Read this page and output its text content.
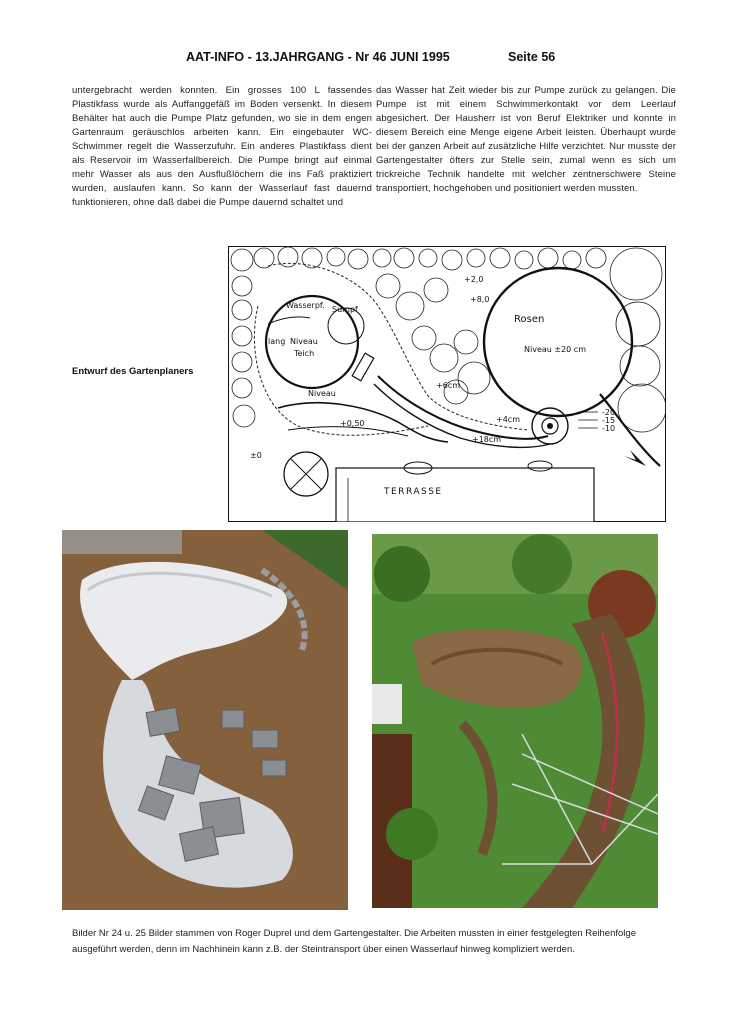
AAT-INFO - 13.JAHRGANG - Nr 46 JUNI 1995	Seite 56
untergebracht werden konnten. Ein grosses 100 L fassendes Plastikfass wurde als Auffanggefäß im Boden versenkt. In diesem Behälter hat auch die Pumpe Platz gefunden, wo sie in dem engen Gartenraum geräuschlos arbeiten kann. Ein eingebauter WC-Schwimmer regelt die Wasserzufuhr. Ein anderes Plastikfass dient als Reservoir im Wasserfallbereich. Die Pumpe bringt auf einmal mehr Wasser als aus den Ausflußlöchern die ins Faß praktiziert wurden, auslaufen kann. So kann der Wasserlauf fast dauernd funktionieren, ohne daß dabei die Pumpe dauernd schaltet und
das Wasser hat Zeit wieder bis zur Pumpe zurück zu gelangen. Die Pumpe ist mit einem Schwimmerkontakt vor dem Leerlauf abgesichert. Der Hausherr ist von Beruf Elektriker und konnte in diesem Bereich eine Menge eigene Arbeit leisten. Überhaupt wurde bei der ganzen Arbeit auf zusätzliche Hilfe verzichtet. Nur musste der Gartengestalter öfters zur Stelle sein, zumal wenn es sich um trickreiche Technik handelte mit welcher zentnerschwere Steine transportiert, hochgehoben und positioniert werden mussten.
Entwurf des Gartenplaners
Rosen
Niveau ±20 cm
Niveau
Teich
Wasserpf. Sumpf
lang
Niveau
+0,50
±0
+2,0
+8,0
-20
-15
-10
+18cm
+4cm
+6cm
TERRASSE
Bilder Nr 24 u. 25 Bilder stammen von Roger Duprel und dem Gartengestalter. Die Arbeiten mussten in einer festgelegten Reihenfolge ausgeführt werden, denn im Nachhinein kann z.B. der Steintransport über einen Wasserlauf hinweg kompliziert werden.
